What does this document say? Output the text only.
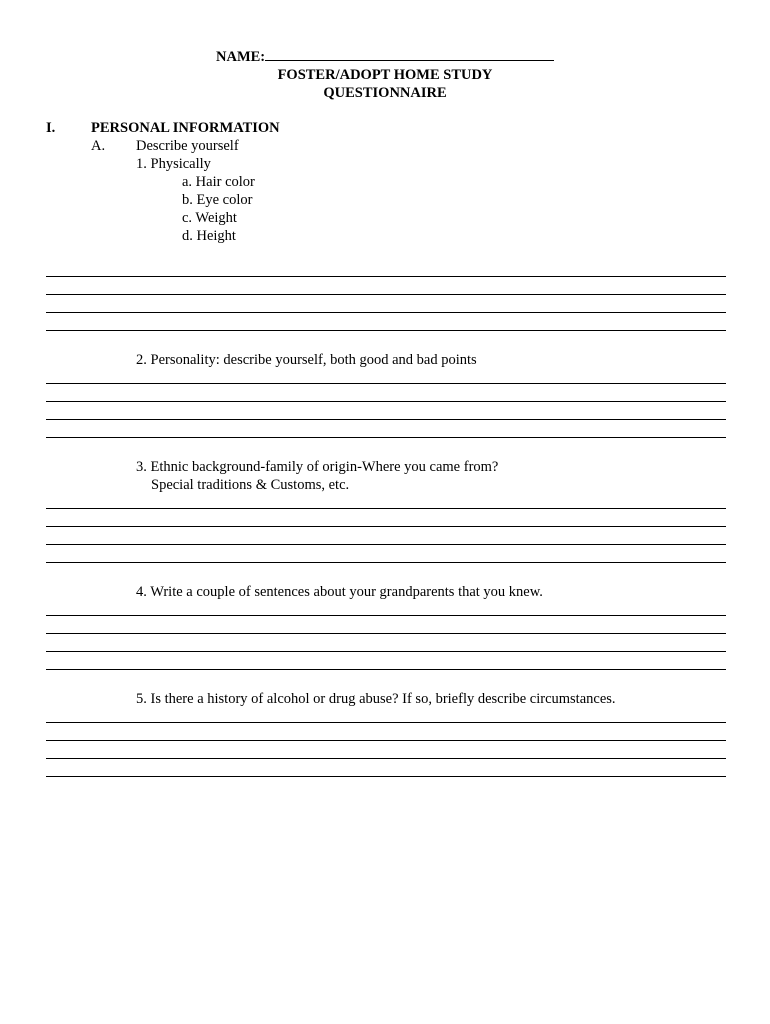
NAME:
FOSTER/ADOPT HOME STUDY
QUESTIONNAIRE
I. PERSONAL INFORMATION
A. Describe yourself
1. Physically
a. Hair color
b. Eye color
c. Weight
d. Height
2. Personality: describe yourself, both good and bad points
3. Ethnic background-family of origin-Where you came from?
Special traditions & Customs, etc.
4. Write a couple of sentences about your grandparents that you knew.
5. Is there a history of alcohol or drug abuse? If so, briefly describe circumstances.
